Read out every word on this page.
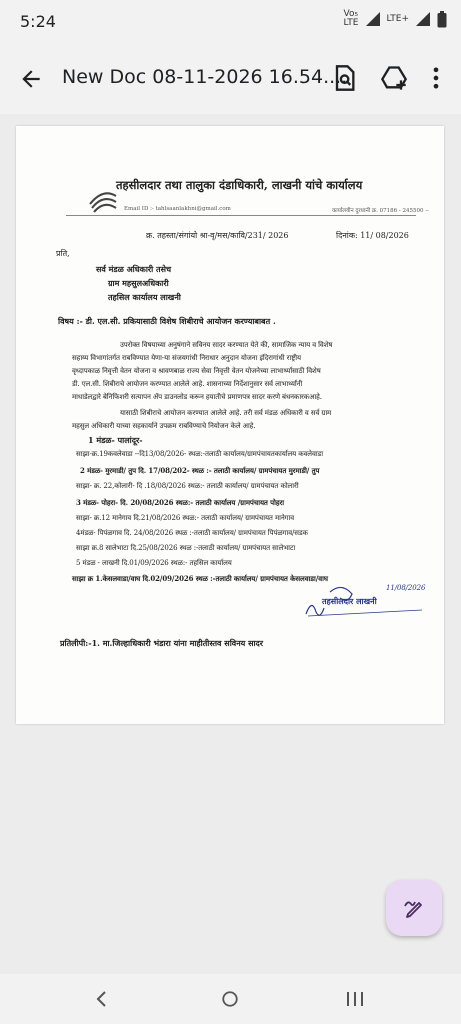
5:24	Vo₅
LTE	LTE+
New Doc 08-11-2026 16.54....
तहसीलदार तथा तालुका दंडाधिकारी, लाखनी यांचे कार्यालय
Email ID :- tahlsaanlakhni@gmail.com	कार्यालयीन दुरध्वनी क्र. 07186 - 245500 --
क्र. तहस्ता/संगांयो श्रा-वृ/मस/कावि/231/ 2026	दिनांक: 11/ 08/2026
प्रति,
सर्व मंडळ अधिकारी तसेच
ग्राम महसुलअधिकारी
तहसिल कार्यालय लाखनी
विषय :- डी. एल.सी. प्रकियासाठी विशेष शिबीराचे आयोजन करण्याबाबत .
उपरोक्त विषयाच्या अनुषंगाने सविनय सादर करण्यात येते की, सामाजिक न्याय व विशेष
सहाय्य विभागांतर्गत राबविण्यात येणा-या संजयगांधी निराधार अनुदान योजना इंदिरागांधी राष्ट्रीय
वृध्दापकाळ निवृत्ती वेतन योजना व श्रावणबाळ राज्य सेवा निवृत्ती वेतन योजनेच्या लाभार्थ्यांसाठी विशेष
डी. एल.सी. शिबीराचे आयोजन करण्यात आलेले आहे. शासनाच्या निर्देशानुसार सर्व लाभार्थ्यांनी
माधाडेलद्वारे बेनिफिशरी सत्यापन ॲप डाउनलोड करून हयातीचे प्रमाणपत्र सादर करणे बंधनकारकआहे.
यासाठी शिबीराचे आयोजन करण्यात आलेले आहे. तरी सर्व मंडळ अधिकारी व सर्व ग्राम
महसुल अधिकारी याच्या सहकार्याने उपक्रम राबविण्याचे नियोजन केले आहे.
1 मंडळ- पालांदूर-
साझा-क्र.19कवलेवाडा --दि13/08/2026- स्थळ:-तलाठी कार्यालय/ग्रामपंचायतकार्यालय कवलेवाडा
2 मंडळ- मुरमाडी/ तुप दि. 17/08/202- स्थळ :- तलाठी कार्यालय/ ग्रामपंचायत मुरमाडी/ तुप
साझा- क्र. 22,कोलारी- दि .18/08/2026 स्थळ:- तलाठी कार्यालय/ ग्रामपंचायत कोलारी
3 मंडळ- पोहरा- दि. 20/08/2026 स्थळ:- तलाठी कार्यालय /ग्रामपंचायत पोहरा
साझा- क्र.12 मानेगाव दि.21/08/2026 स्थळ:- तलाठी कार्यालय/ ग्रामपंचायत मानेगाव
4मंडळ- पिपंळगाव दि. 24/08/2026 स्थळ :-तलाठी कार्यालय/ ग्रामपंचायत पिपंळगाव/सडक
साझा क्र.8 सालेभाटा दि.25/08/2026 स्थळ :-तलाठी कार्यालय/ ग्रामपंचायत सालेभाटा
5 मंडळ - लाखनी दि.01/09/2026 स्थळ:- तहसिल कार्यालय
साझा क्र 1.केसलवाडा/वाघ दि.02/09/2026 स्थळ :-तलाठी कार्यालय/ ग्रामपंचायत केसलवाडा/वाघ
तहसीलदार लाखनी
11/08/2026
प्रतिलीपी:-1. मा.जिल्हाधिकारी भंडारा यांना माहीतीस्तव सविनय सादर
